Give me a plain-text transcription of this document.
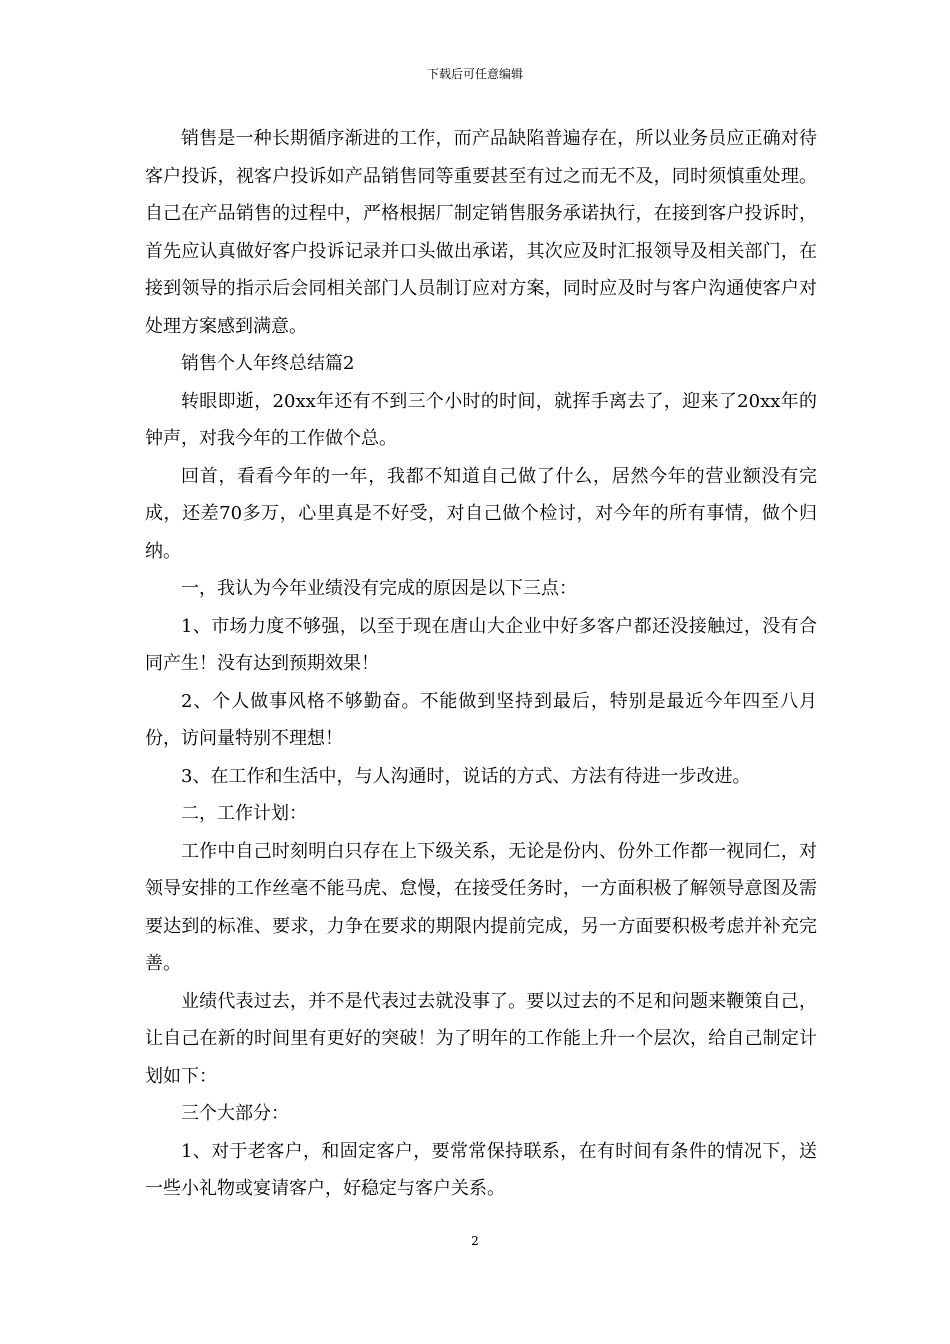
下载后可任意编辑

销售是一种长期循序渐进的工作，而产品缺陷普遍存在，所以业务员应正确对待客户投诉，视客户投诉如产品销售同等重要甚至有过之而无不及，同时须慎重处理。自己在产品销售的过程中，严格根据厂制定销售服务承诺执行，在接到客户投诉时，首先应认真做好客户投诉记录并口头做出承诺，其次应及时汇报领导及相关部门，在接到领导的指示后会同相关部门人员制订应对方案，同时应及时与客户沟通使客户对处理方案感到满意。

销售个人年终总结篇2

转眼即逝，20xx年还有不到三个小时的时间，就挥手离去了，迎来了20xx年的钟声，对我今年的工作做个总。

回首，看看今年的一年，我都不知道自己做了什么，居然今年的营业额没有完成，还差70多万，心里真是不好受，对自己做个检讨，对今年的所有事情，做个归纳。

一，我认为今年业绩没有完成的原因是以下三点：

1、市场力度不够强，以至于现在唐山大企业中好多客户都还没接触过，没有合同产生！没有达到预期效果！

2、个人做事风格不够勤奋。不能做到坚持到最后，特别是最近今年四至八月份，访问量特别不理想！

3、在工作和生活中，与人沟通时，说话的方式、方法有待进一步改进。

二，工作计划：

工作中自己时刻明白只存在上下级关系，无论是份内、份外工作都一视同仁，对领导安排的工作丝毫不能马虎、怠慢，在接受任务时，一方面积极了解领导意图及需要达到的标准、要求，力争在要求的期限内提前完成，另一方面要积极考虑并补充完善。

业绩代表过去，并不是代表过去就没事了。要以过去的不足和问题来鞭策自己，让自己在新的时间里有更好的突破！为了明年的工作能上升一个层次，给自己制定计划如下：

三个大部分：

1、对于老客户，和固定客户，要常常保持联系，在有时间有条件的情况下，送一些小礼物或宴请客户，好稳定与客户关系。

2
